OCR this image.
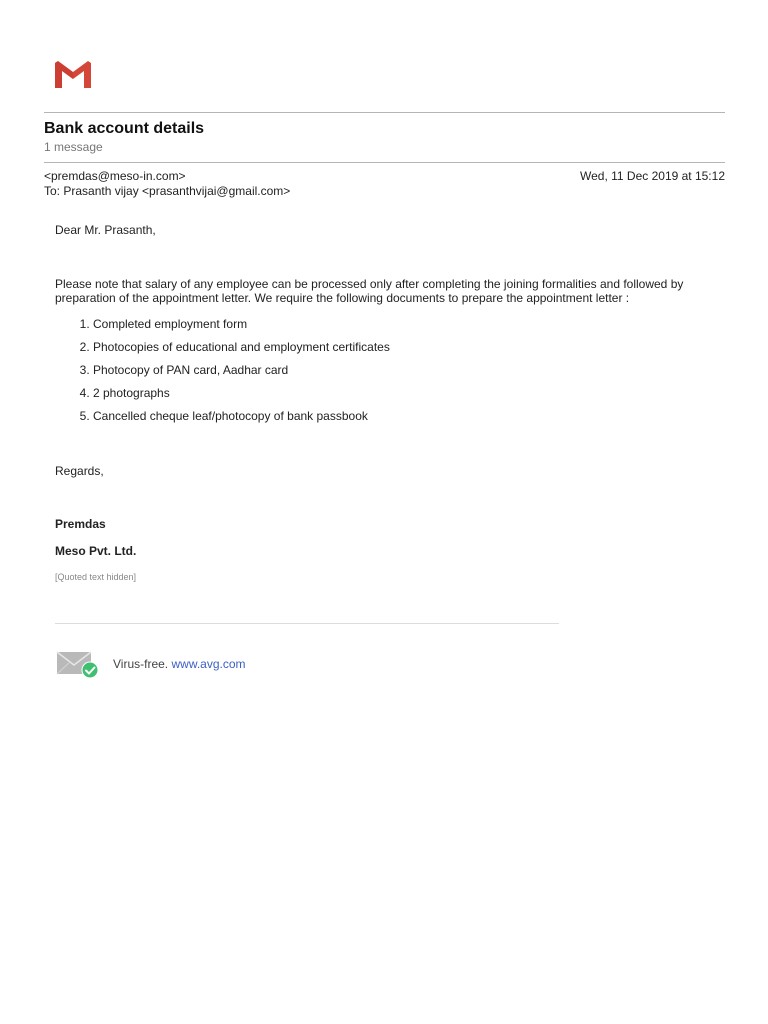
Bank account details
1 message
<premdas@meso-in.com>	Wed, 11 Dec 2019 at 15:12
To: Prasanth vijay <prasanthvijai@gmail.com>
Dear Mr. Prasanth,
Please note that salary of any employee can be processed only after completing the joining formalities and followed by preparation of the appointment letter. We require the following documents to prepare the appointment letter :
1. Completed employment form
2. Photocopies of educational and employment certificates
3. Photocopy of PAN card, Aadhar card
4. 2 photographs
5. Cancelled cheque leaf/photocopy of bank passbook
Regards,
Premdas
Meso Pvt. Ltd.
[Quoted text hidden]
Virus-free. www.avg.com
